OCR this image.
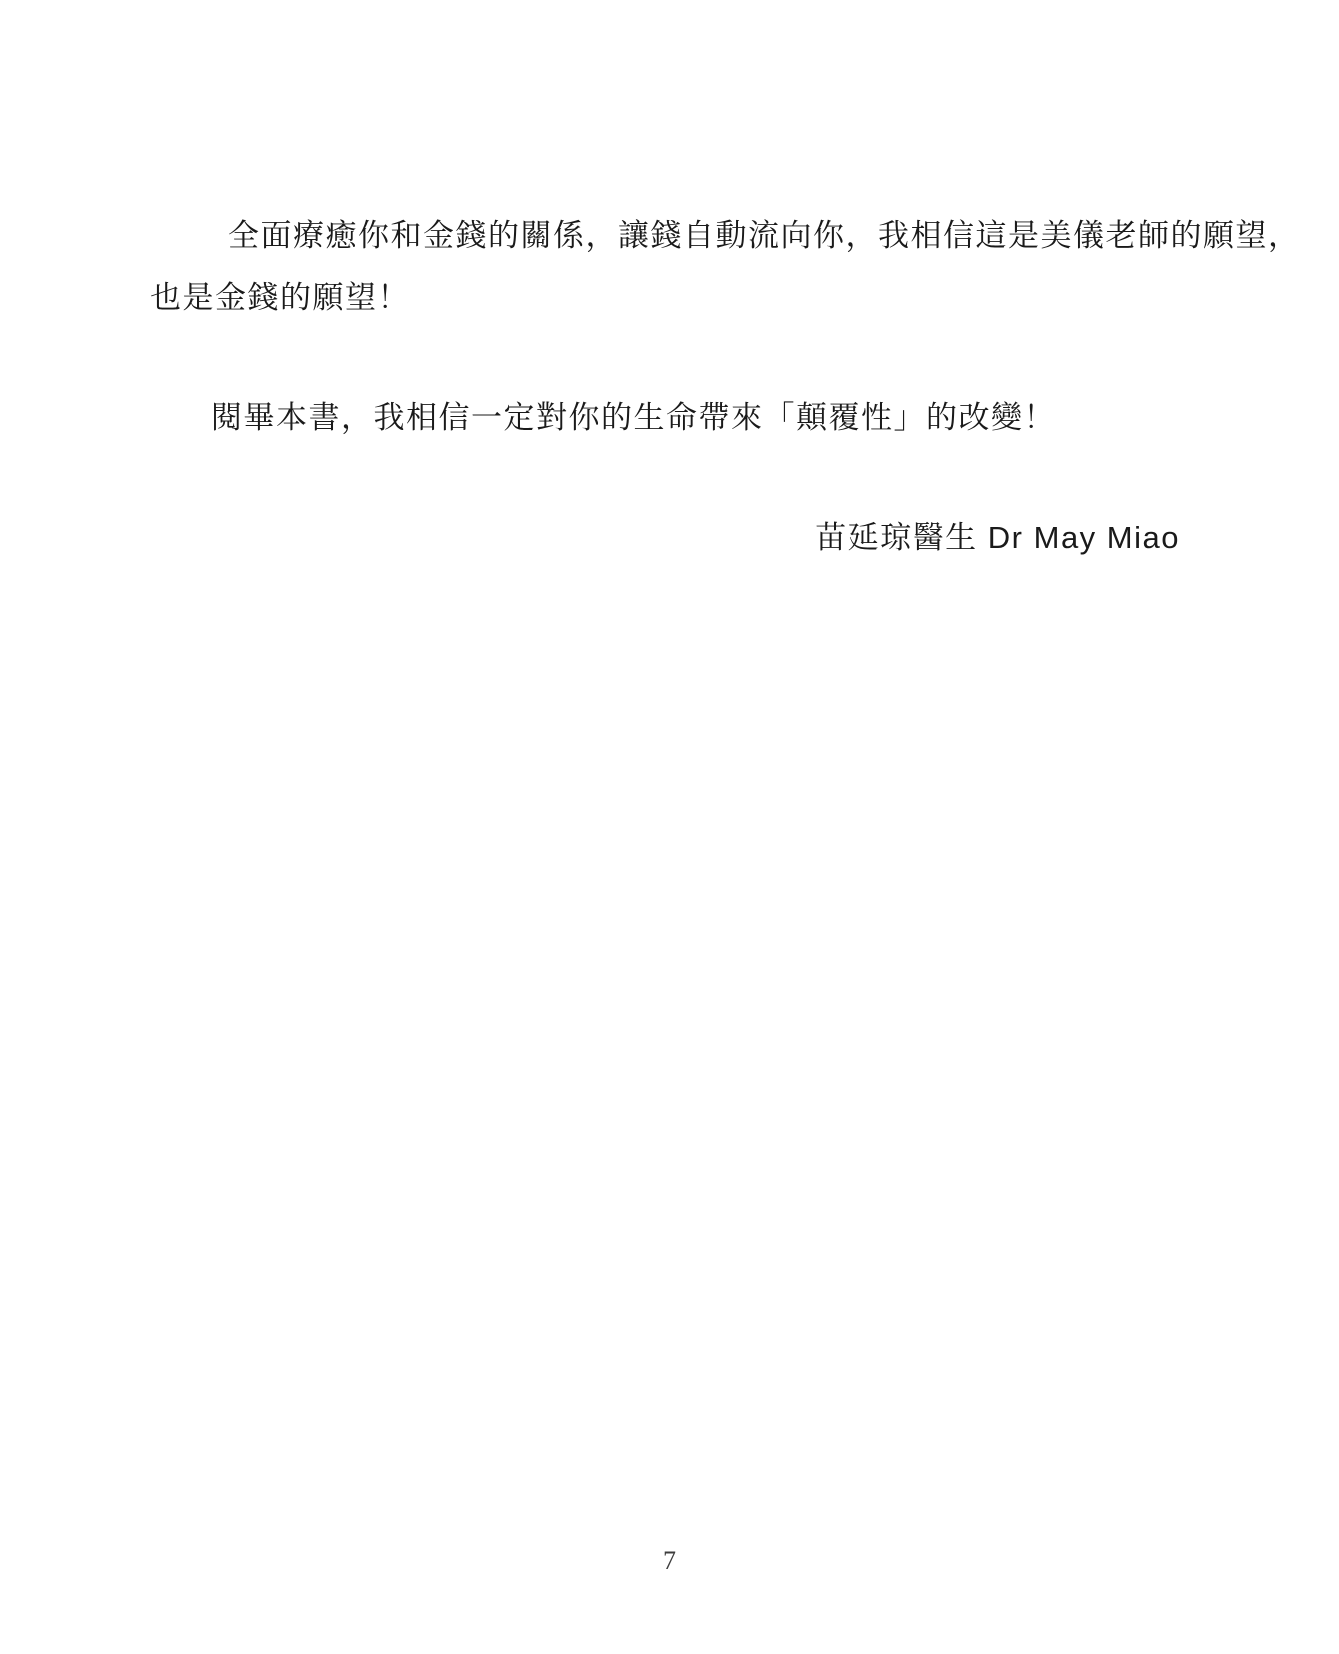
全面療癒你和金錢的關係，讓錢自動流向你，我相信這是美儀老師的願望，
也是金錢的願望！
閱畢本書，我相信一定對你的生命帶來「顛覆性」的改變！
苗延琼醫生 Dr May Miao
7
